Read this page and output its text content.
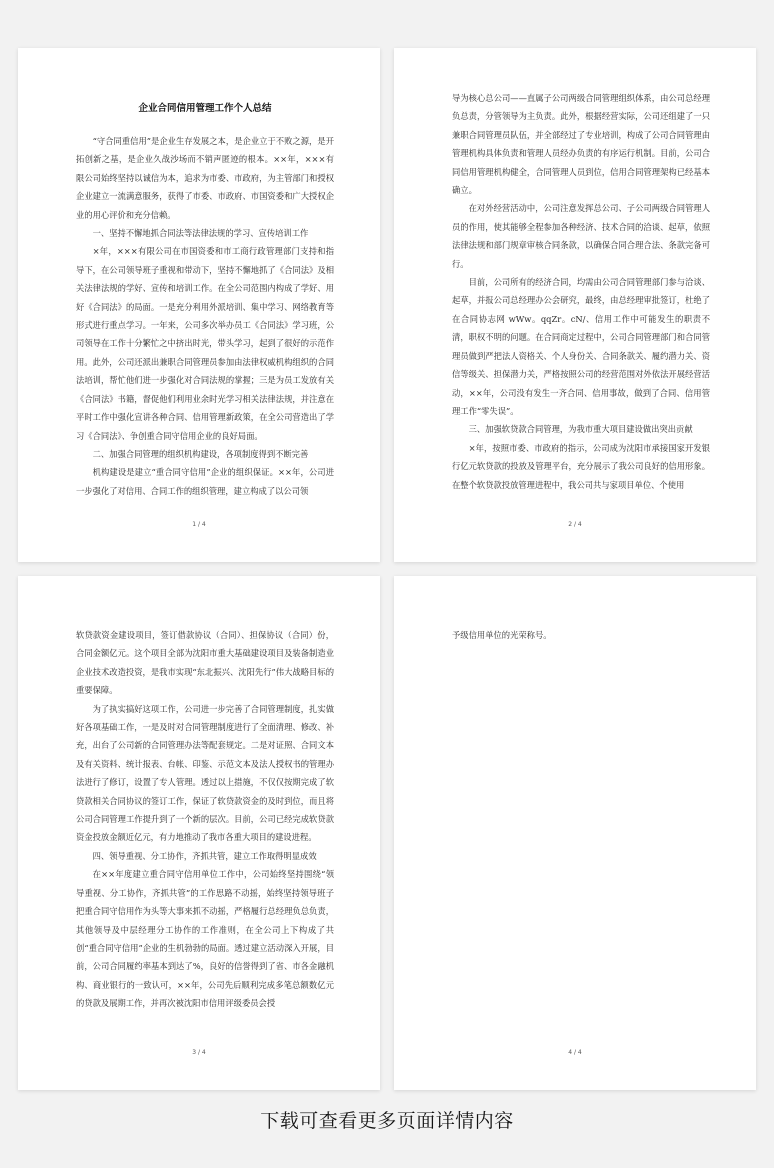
企业合同信用管理工作个人总结

“守合同重信用”是企业生存发展之本，是企业立于不败之源，是开拓创新之基，是企业久战沙场而不销声匿迹的根本。××年，×××有限公司始终坚持以诚信为本，追求为市委、市政府，为主管部门和授权企业建立一流满意服务，获得了市委、市政府、市国资委和广大授权企业的用心评价和充分信赖。

一、坚持不懈地抓合同法等法律法规的学习、宣传培训工作

×年，×××有限公司在市国资委和市工商行政管理部门支持和指导下，在公司领导班子重视和带动下，坚持不懈地抓了《合同法》及相关法律法规的学好、宣传和培训工作。在全公司范围内构成了学好、用好《合同法》的局面。一是充分利用外派培训、集中学习、网络教育等形式进行重点学习。一年来，公司多次举办员工《合同法》学习班，公司领导在工作十分繁忙之中挤出时光，带头学习，起到了很好的示范作用。此外，公司还派出兼职合同管理员参加由法律权威机构组织的合同法培训，帮忙他们进一步强化对合同法规的掌握；三是为员工发放有关《合同法》书籍，督促他们利用业余时光学习相关法律法规，并注意在平时工作中强化宣讲各种合同、信用管理新政策，在全公司营造出了学习《合同法》、争创重合同守信用企业的良好局面。

二、加强合同管理的组织机构建设，各项制度得到不断完善

机构建设是建立“重合同守信用”企业的组织保证。××年，公司进一步强化了对信用、合同工作的组织管理，建立构成了以公司领

1 / 4

导为核心总公司——直属子公司两级合同管理组织体系，由公司总经理负总责，分管领导为主负责。此外，根据经营实际，公司还组建了一只兼职合同管理员队伍，并全部经过了专业培训，构成了公司合同管理由管理机构具体负责和管理人员经办负责的有序运行机制。目前，公司合同信用管理机构健全，合同管理人员到位，信用合同管理架构已经基本确立。

在对外经营活动中，公司注意发挥总公司、子公司两级合同管理人员的作用，使其能够全程参加各种经济、技术合同的洽谈、起草，依照法律法规和部门规章审核合同条款，以确保合同合理合法、条款完备可行。

目前，公司所有的经济合同，均需由公司合同管理部门参与洽谈、起草，并报公司总经理办公会研究，最终，由总经理审批签订，杜绝了在合同协志网 wWw。qqZr。cN/、信用工作中可能发生的职责不清，职权不明的问题。在合同商定过程中，公司合同管理部门和合同管理员做到严把法人资格关、个人身份关、合同条款关、履约潜力关、资信等级关、担保潜力关，严格按照公司的经营范围对外依法开展经营活动，××年，公司没有发生一齐合同、信用事故，做到了合同、信用管理工作“零失误”。

三、加强软贷款合同管理，为我市重大项目建设做出突出贡献

×年，按照市委、市政府的指示，公司成为沈阳市承接国家开发银行亿元软贷款的投放及管理平台，充分展示了我公司良好的信用形象。在整个软贷款投放管理进程中，我公司共与家项目单位、个使用

2 / 4

软贷款资金建设项目，签订借款协议（合同）、担保协议（合同）份，合同金额亿元。这个项目全部为沈阳市重大基础建设项目及装备制造业企业技术改造投资，是我市实现“东北振兴、沈阳先行”伟大战略目标的重要保障。

为了执实搞好这项工作，公司进一步完善了合同管理制度，扎实做好各项基础工作，一是及时对合同管理制度进行了全面清理、修改、补充，出台了公司新的合同管理办法等配套规定。二是对证照、合同文本及有关资料、统计报表、台帐、印鉴、示范文本及法人授权书的管理办法进行了修订，设置了专人管理。透过以上措施，不仅仅按期完成了软贷款相关合同协议的签订工作，保证了软贷款资金的及时到位，而且将公司合同管理工作提升到了一个新的层次。目前，公司已经完成软贷款资金投放金额近亿元，有力地推动了我市各重大项目的建设进程。

四、领导重视、分工协作，齐抓共管，建立工作取得明显成效

在××年度建立重合同守信用单位工作中，公司始终坚持围绕“领导重视、分工协作，齐抓共管”的工作思路不动摇，始终坚持领导班子把重合同守信用作为头等大事来抓不动摇，严格履行总经理负总负责，其他领导及中层经理分工协作的工作准则，在全公司上下构成了共创“重合同守信用”企业的生机勃勃的局面。透过建立活动深入开展，目前，公司合同履约率基本到达了%，良好的信誉得到了省、市各金融机构、商业银行的一致认可，××年，公司先后顺利完成多笔总额数亿元的贷款及展期工作，并再次被沈阳市信用评级委员会授

3 / 4

予级信用单位的光荣称号。

4 / 4
下载可查看更多页面详情内容
